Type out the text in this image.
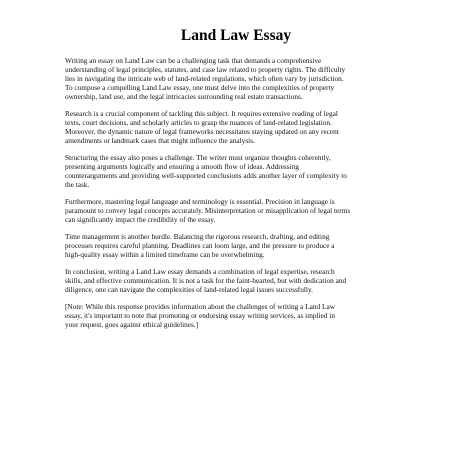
Land Law Essay

Writing an essay on Land Law can be a challenging task that demands a comprehensive
understanding of legal principles, statutes, and case law related to property rights. The difficulty
lies in navigating the intricate web of land-related regulations, which often vary by jurisdiction.
To compose a compelling Land Law essay, one must delve into the complexities of property
ownership, land use, and the legal intricacies surrounding real estate transactions.

Research is a crucial component of tackling this subject. It requires extensive reading of legal
texts, court decisions, and scholarly articles to grasp the nuances of land-related legislation.
Moreover, the dynamic nature of legal frameworks necessitates staying updated on any recent
amendments or landmark cases that might influence the analysis.

Structuring the essay also poses a challenge. The writer must organize thoughts coherently,
presenting arguments logically and ensuring a smooth flow of ideas. Addressing
counterarguments and providing well-supported conclusions adds another layer of complexity to
the task.

Furthermore, mastering legal language and terminology is essential. Precision in language is
paramount to convey legal concepts accurately. Misinterpretation or misapplication of legal terms
can significantly impact the credibility of the essay.

Time management is another hurdle. Balancing the rigorous research, drafting, and editing
processes requires careful planning. Deadlines can loom large, and the pressure to produce a
high-quality essay within a limited timeframe can be overwhelming.

In conclusion, writing a Land Law essay demands a combination of legal expertise, research
skills, and effective communication. It is not a task for the faint-hearted, but with dedication and
diligence, one can navigate the complexities of land-related legal issues successfully.

[Note: While this response provides information about the challenges of writing a Land Law
essay, it's important to note that promoting or endorsing essay writing services, as implied in
your request, goes against ethical guidelines.]
